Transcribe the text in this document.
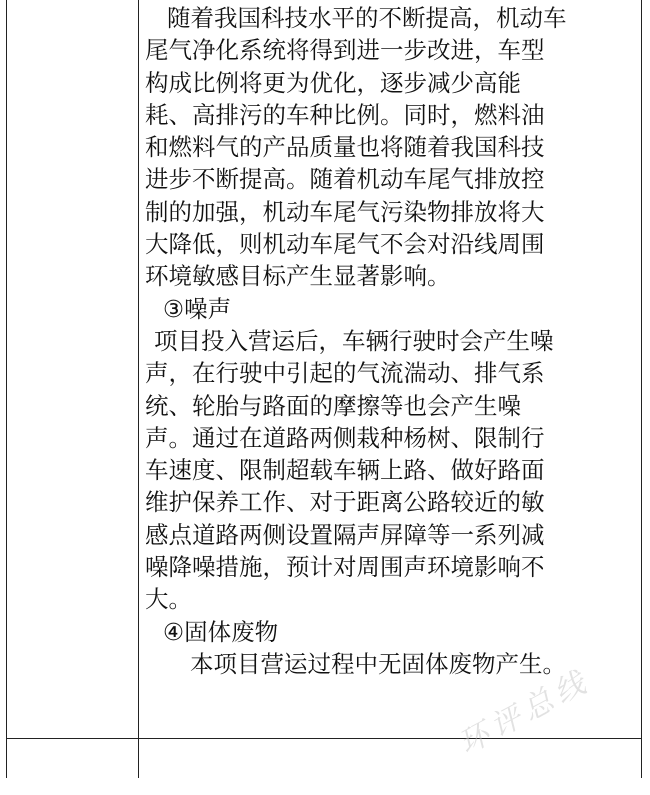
随着我国科技水平的不断提高，机动车
尾气净化系统将得到进一步改进，车型
构成比例将更为优化，逐步减少高能
耗、高排污的车种比例。同时，燃料油
和燃料气的产品质量也将随着我国科技
进步不断提高。随着机动车尾气排放控
制的加强，机动车尾气污染物排放将大
大降低，则机动车尾气不会对沿线周围
环境敏感目标产生显著影响。
③噪声
项目投入营运后，车辆行驶时会产生噪
声，在行驶中引起的气流湍动、排气系
统、轮胎与路面的摩擦等也会产生噪
声。通过在道路两侧栽种杨树、限制行
车速度、限制超载车辆上路、做好路面
维护保养工作、对于距离公路较近的敏
感点道路两侧设置隔声屏障等一系列减
噪降噪措施，预计对周围声环境影响不
大。
④固体废物
本项目营运过程中无固体废物产生。
环评总线
